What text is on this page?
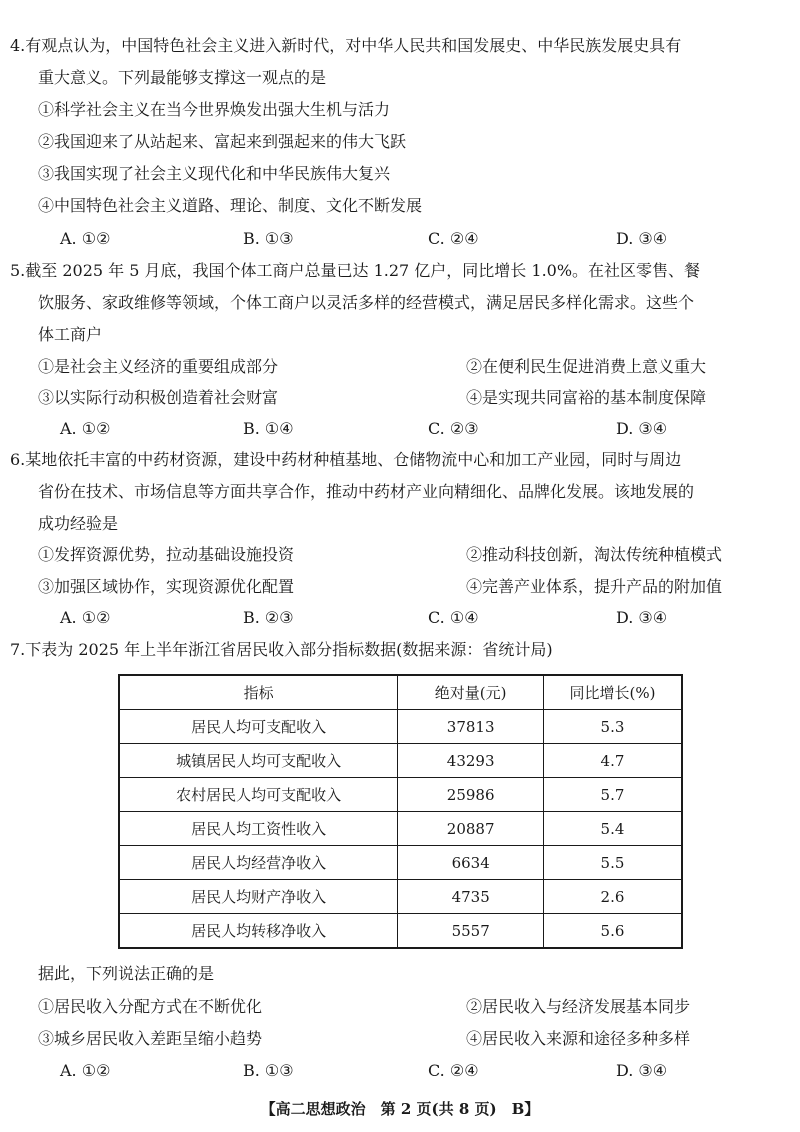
4.有观点认为，中国特色社会主义进入新时代，对中华人民共和国发展史、中华民族发展史具有
重大意义。下列最能够支撑这一观点的是
①科学社会主义在当今世界焕发出强大生机与活力
②我国迎来了从站起来、富起来到强起来的伟大飞跃
③我国实现了社会主义现代化和中华民族伟大复兴
④中国特色社会主义道路、理论、制度、文化不断发展
A. ①②	B. ①③	C. ②④	D. ③④
5.截至 2025 年 5 月底，我国个体工商户总量已达 1.27 亿户，同比增长 1.0%。在社区零售、餐
饮服务、家政维修等领域，个体工商户以灵活多样的经营模式，满足居民多样化需求。这些个
体工商户
①是社会主义经济的重要组成部分	②在便利民生促进消费上意义重大
③以实际行动积极创造着社会财富	④是实现共同富裕的基本制度保障
A. ①②	B. ①④	C. ②③	D. ③④
6.某地依托丰富的中药材资源，建设中药材种植基地、仓储物流中心和加工产业园，同时与周边
省份在技术、市场信息等方面共享合作，推动中药材产业向精细化、品牌化发展。该地发展的
成功经验是
①发挥资源优势，拉动基础设施投资	②推动科技创新，淘汰传统种植模式
③加强区域协作，实现资源优化配置	④完善产业体系，提升产品的附加值
A. ①②	B. ②③	C. ①④	D. ③④
7.下表为 2025 年上半年浙江省居民收入部分指标数据(数据来源：省统计局)
指标	绝对量(元)	同比增长(%)
居民人均可支配收入	37813	5.3
城镇居民人均可支配收入	43293	4.7
农村居民人均可支配收入	25986	5.7
居民人均工资性收入	20887	5.4
居民人均经营净收入	6634	5.5
居民人均财产净收入	4735	2.6
居民人均转移净收入	5557	5.6
据此，下列说法正确的是
①居民收入分配方式在不断优化	②居民收入与经济发展基本同步
③城乡居民收入差距呈缩小趋势	④居民收入来源和途径多种多样
A. ①②	B. ①③	C. ②④	D. ③④
【高二思想政治　第 2 页(共 8 页)　B】
